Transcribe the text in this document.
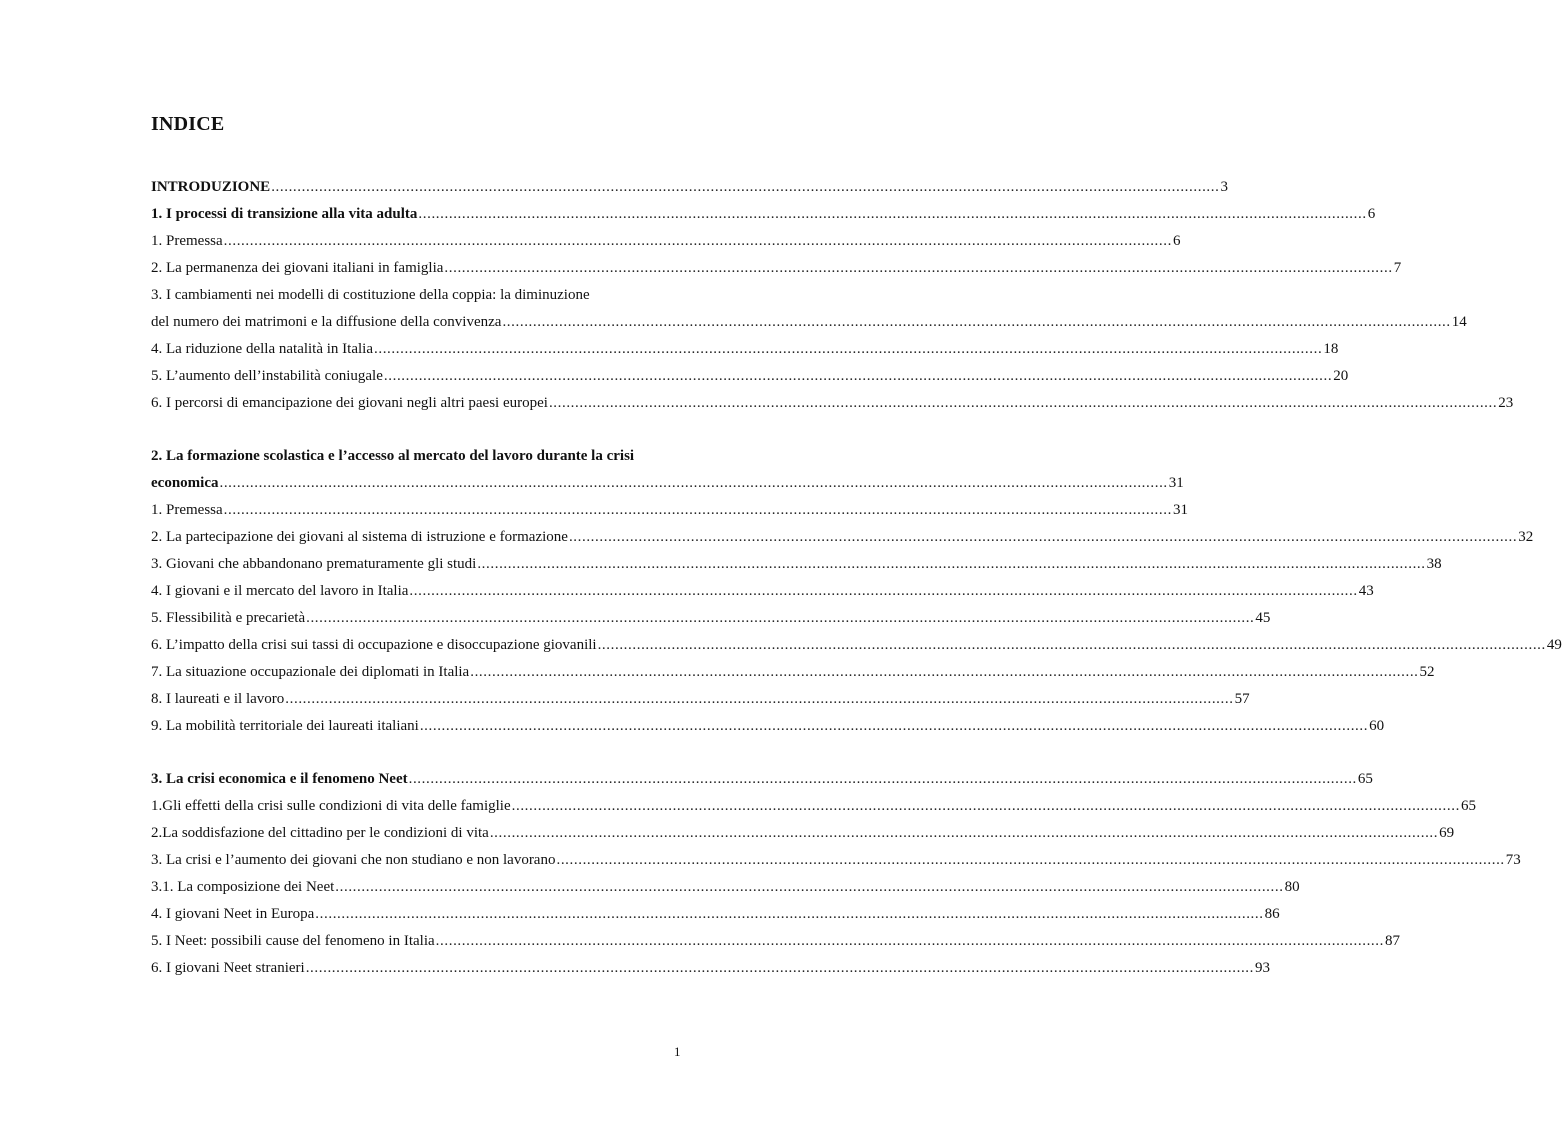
INDICE
INTRODUZIONE .....	3
1. I processi di transizione alla vita adulta .....	6
1. Premessa .....	6
2. La permanenza dei giovani italiani in famiglia .....	7
3. I cambiamenti nei modelli di costituzione della coppia: la diminuzione
del numero dei matrimoni e la diffusione della convivenza .....	14
4. La riduzione della natalità in Italia .....	18
5. L’aumento dell’instabilità coniugale .....	20
6. I percorsi di emancipazione dei giovani negli altri paesi europei .....	23
2. La formazione scolastica e l’accesso al mercato del lavoro durante la crisi
economica .....	31
1. Premessa .....	31
2. La partecipazione dei giovani al sistema di istruzione e formazione .....	32
3. Giovani che abbandonano prematuramente gli studi .....	38
4. I giovani e il mercato del lavoro in Italia .....	43
5. Flessibilità e precarietà .....	45
6. L’impatto della crisi sui tassi di occupazione e disoccupazione giovanili .....	49
7. La situazione occupazionale dei diplomati in Italia .....	52
8. I laureati e il lavoro .....	57
9. La mobilità territoriale dei laureati italiani .....	60
3. La crisi economica e il fenomeno Neet .....	65
1.Gli effetti della crisi sulle condizioni di vita delle famiglie .....	65
2.La soddisfazione del cittadino per le condizioni di vita .....	69
3. La crisi e l’aumento dei giovani che non studiano e non lavorano .....	73
3.1. La composizione dei Neet .....	80
4. I giovani Neet in Europa .....	86
5. I Neet: possibili cause del fenomeno in Italia .....	87
6. I giovani Neet stranieri .....	93
1
